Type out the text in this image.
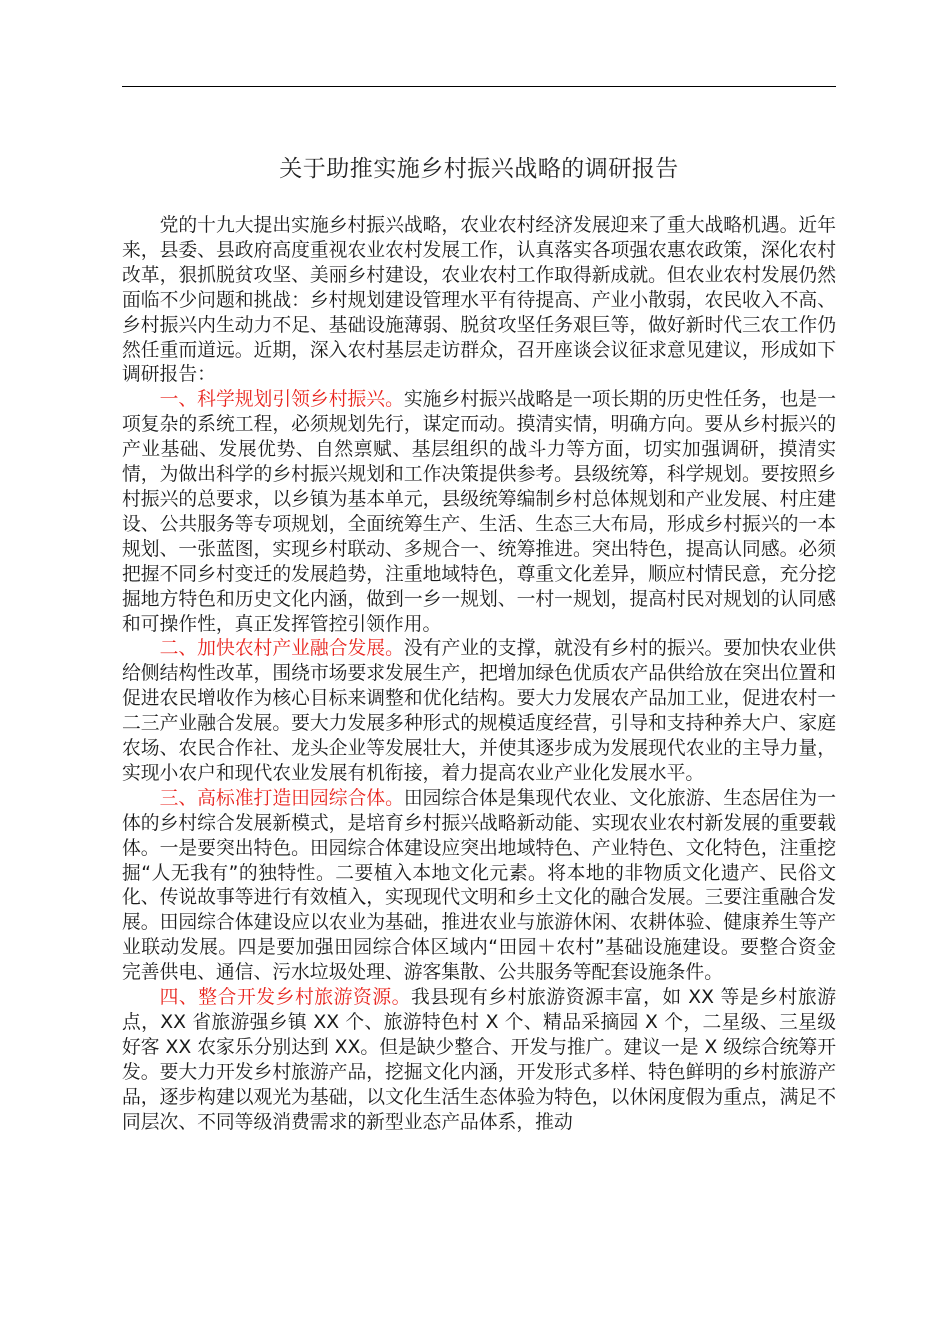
关于助推实施乡村振兴战略的调研报告

党的十九大提出实施乡村振兴战略，农业农村经济发展迎来了重大战略机遇。近年来，县委、县政府高度重视农业农村发展工作，认真落实各项强农惠农政策，深化农村改革，狠抓脱贫攻坚、美丽乡村建设，农业农村工作取得新成就。但农业农村发展仍然面临不少问题和挑战：乡村规划建设管理水平有待提高、产业小散弱，农民收入不高、乡村振兴内生动力不足、基础设施薄弱、脱贫攻坚任务艰巨等，做好新时代三农工作仍然任重而道远。近期，深入农村基层走访群众，召开座谈会议征求意见建议，形成如下调研报告：

一、科学规划引领乡村振兴。实施乡村振兴战略是一项长期的历史性任务，也是一项复杂的系统工程，必须规划先行，谋定而动。摸清实情，明确方向。要从乡村振兴的产业基础、发展优势、自然禀赋、基层组织的战斗力等方面，切实加强调研，摸清实情，为做出科学的乡村振兴规划和工作决策提供参考。县级统筹，科学规划。要按照乡村振兴的总要求，以乡镇为基本单元，县级统筹编制乡村总体规划和产业发展、村庄建设、公共服务等专项规划，全面统筹生产、生活、生态三大布局，形成乡村振兴的一本规划、一张蓝图，实现乡村联动、多规合一、统筹推进。突出特色，提高认同感。必须把握不同乡村变迁的发展趋势，注重地域特色，尊重文化差异，顺应村情民意，充分挖掘地方特色和历史文化内涵，做到一乡一规划、一村一规划，提高村民对规划的认同感和可操作性，真正发挥管控引领作用。

二、加快农村产业融合发展。没有产业的支撑，就没有乡村的振兴。要加快农业供给侧结构性改革，围绕市场要求发展生产，把增加绿色优质农产品供给放在突出位置和促进农民增收作为核心目标来调整和优化结构。要大力发展农产品加工业，促进农村一二三产业融合发展。要大力发展多种形式的规模适度经营，引导和支持种养大户、家庭农场、农民合作社、龙头企业等发展壮大，并使其逐步成为发展现代农业的主导力量，实现小农户和现代农业发展有机衔接，着力提高农业产业化发展水平。

三、高标准打造田园综合体。田园综合体是集现代农业、文化旅游、生态居住为一体的乡村综合发展新模式，是培育乡村振兴战略新动能、实现农业农村新发展的重要载体。一是要突出特色。田园综合体建设应突出地域特色、产业特色、文化特色，注重挖掘“人无我有”的独特性。二要植入本地文化元素。将本地的非物质文化遗产、民俗文化、传说故事等进行有效植入，实现现代文明和乡土文化的融合发展。三要注重融合发展。田园综合体建设应以农业为基础，推进农业与旅游休闲、农耕体验、健康养生等产业联动发展。四是要加强田园综合体区域内“田园＋农村”基础设施建设。要整合资金完善供电、通信、污水垃圾处理、游客集散、公共服务等配套设施条件。

四、整合开发乡村旅游资源。我县现有乡村旅游资源丰富，如 XX 等是乡村旅游点，XX 省旅游强乡镇 XX 个、旅游特色村 X 个、精品采摘园 X 个，二星级、三星级好客 XX 农家乐分别达到 XX。但是缺少整合、开发与推广。建议一是 X 级综合统筹开发。要大力开发乡村旅游产品，挖掘文化内涵，开发形式多样、特色鲜明的乡村旅游产品，逐步构建以观光为基础，以文化生活生态体验为特色，以休闲度假为重点，满足不同层次、不同等级消费需求的新型业态产品体系，推动
